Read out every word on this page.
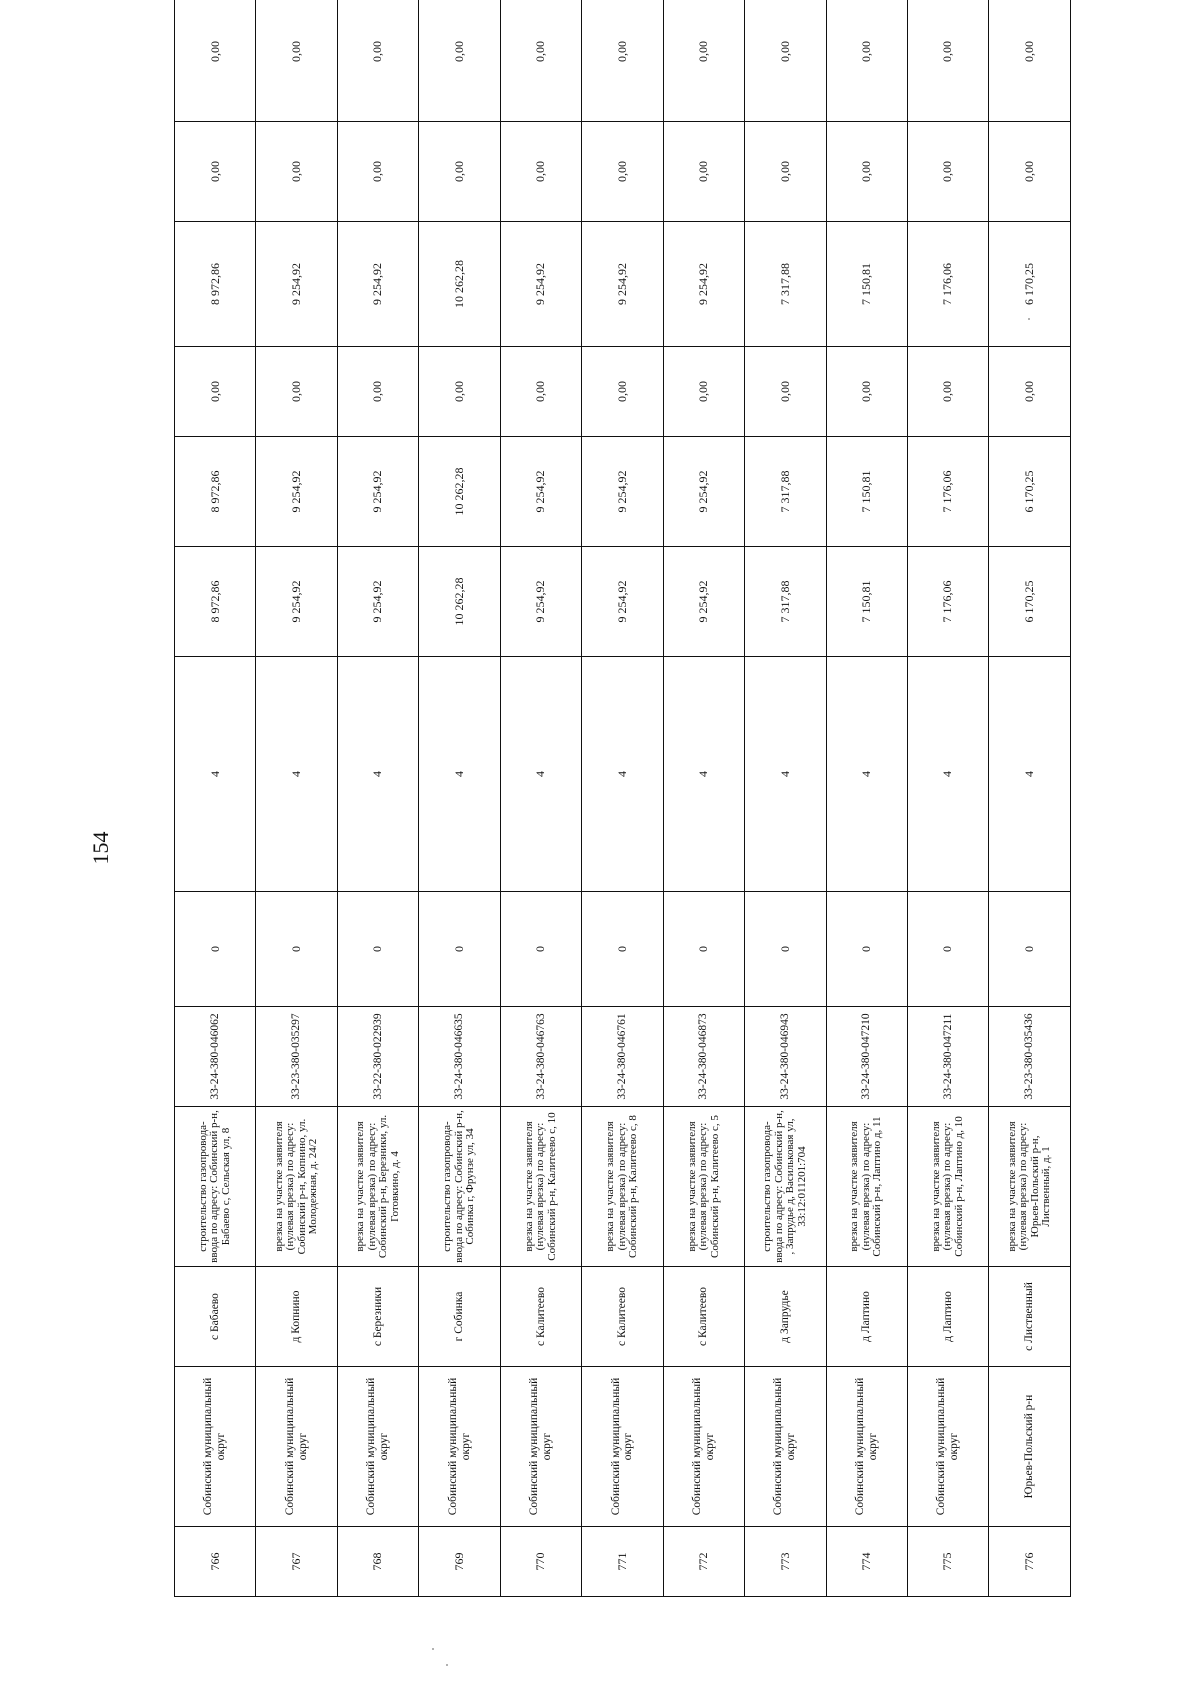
154
766	Собинский муниципальный округ	с Бабаево	строительство газопровода-ввода по адресу: Собинский р-н, Бабаево с, Сельская ул, 8	33-24-380-046062	0	4	8 972,86	8 972,86	0,00	8 972,86	0,00	0,00
767	Собинский муниципальный округ	д Копнино	врезка на участке заявителя (нулевая врезка) по адресу: Собинский р-н, Копнино, ул. Молодежная, д. 24/2	33-23-380-035297	0	4	9 254,92	9 254,92	0,00	9 254,92	0,00	0,00
768	Собинский муниципальный округ	с Березники	врезка на участке заявителя (нулевая врезка) по адресу: Собинский р-н, Березники, ул. Готовкино, д. 4	33-22-380-022939	0	4	9 254,92	9 254,92	0,00	9 254,92	0,00	0,00
769	Собинский муниципальный округ	г Собинка	строительство газопровода-ввода по адресу: Собинский р-н, Собинка г, Фрунзе ул, 34	33-24-380-046635	0	4	10 262,28	10 262,28	0,00	10 262,28	0,00	0,00
770	Собинский муниципальный округ	с Калитеево	врезка на участке заявителя (нулевая врезка) по адресу: Собинский р-н, Калитеево с, 10	33-24-380-046763	0	4	9 254,92	9 254,92	0,00	9 254,92	0,00	0,00
771	Собинский муниципальный округ	с Калитеево	врезка на участке заявителя (нулевая врезка) по адресу: Собинский р-н, Калитеево с, 8	33-24-380-046761	0	4	9 254,92	9 254,92	0,00	9 254,92	0,00	0,00
772	Собинский муниципальный округ	с Калитеево	врезка на участке заявителя (нулевая врезка) по адресу: Собинский р-н, Калитеево с, 5	33-24-380-046873	0	4	9 254,92	9 254,92	0,00	9 254,92	0,00	0,00
773	Собинский муниципальный округ	д Запрудье	строительство газопровода-ввода по адресу: Собинский р-н, , Запрудье д, Васильковая ул, 33:12:011201:704	33-24-380-046943	0	4	7 317,88	7 317,88	0,00	7 317,88	0,00	0,00
774	Собинский муниципальный округ	д Лаптино	врезка на участке заявителя (нулевая врезка) по адресу: Собинский р-н, Лаптино д, 11	33-24-380-047210	0	4	7 150,81	7 150,81	0,00	7 150,81	0,00	0,00
775	Собинский муниципальный округ	д Лаптино	врезка на участке заявителя (нулевая врезка) по адресу: Собинский р-н, Лаптино д, 10	33-24-380-047211	0	4	7 176,06	7 176,06	0,00	7 176,06	0,00	0,00
776	Юрьев-Польский р-н	с Лиственный	врезка на участке заявителя (нулевая врезка) по адресу: Юрьев-Польский р-н, Лиственный, д. 1	33-23-380-035436	0	4	6 170,25	6 170,25	0,00	6 170,25	0,00	0,00
